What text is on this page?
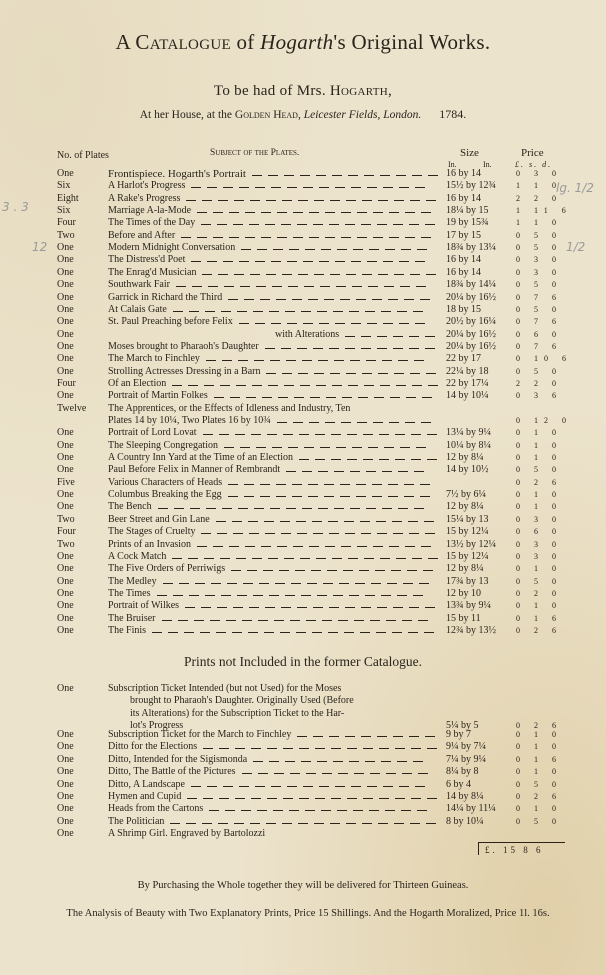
A Catalogue of Hogarth's Original Works.
To be had of Mrs. Hogarth,
At her House, at the Golden Head, Leicester Fields, London. 1784.
No. of Plates	Subject of the Plates.	Size	Price
In.	In.	£. s. d.
One	Frontispiece. Hogarth's Portrait	16 by 14	0 3 0
Six	A Harlot's Progress	15½ by 12¾	1 1 0
Eight	A Rake's Progress	16 by 14	2 2 0
Six	Marriage A-la-Mode	18¼ by 15	1 11 6
Four	The Times of the Day	19 by 15¾	1 1 0
Two	Before and After	17 by 15	0 5 0
One	Modern Midnight Conversation	18¾ by 13¼	0 5 0
One	The Distress'd Poet	16 by 14	0 3 0
One	The Enrag'd Musician	16 by 14	0 3 0
One	Southwark Fair	18¾ by 14¼	0 5 0
One	Garrick in Richard the Third	20¼ by 16½	0 7 6
One	At Calais Gate	18 by 15	0 5 0
One	St. Paul Preaching before Felix	20½ by 16¼	0 7 6
One	with Alterations	20¼ by 16½	0 6 0
One	Moses brought to Pharaoh's Daughter	20¼ by 16½	0 7 6
One	The March to Finchley	22 by 17	0 10 6
One	Strolling Actresses Dressing in a Barn	22¼ by 18	0 5 0
Four	Of an Election	22 by 17¼	2 2 0
One	Portrait of Martin Folkes	14 by 10¼	0 3 6
Twelve The Apprentices, or the Effects of Idleness and Industry, Ten
Plates 14 by 10¼, Two Plates 16 by 10¾	0 12 0
One	Portrait of Lord Lovat	13¼ by 9¼	0 1 0
One	The Sleeping Congregation	10¼ by 8¼	0 1 0
One	A Country Inn Yard at the Time of an Election	12 by 8¼	0 1 0
One	Paul Before Felix in Manner of Rembrandt	14 by 10½	0 5 0
Five	Various Characters of Heads	0 2 6
One	Columbus Breaking the Egg	7½ by 6¼	0 1 0
One	The Bench	12 by 8¼	0 1 0
Two	Beer Street and Gin Lane	15¼ by 13	0 3 0
Four	The Stages of Cruelty	15 by 12¼	0 6 0
Two	Prints of an Invasion	13½ by 12¼	0 3 0
One	A Cock Match	15 by 12¼	0 3 0
One	The Five Orders of Perriwigs	12 by 8¼	0 1 0
One	The Medley	17¾ by 13	0 5 0
One	The Times	12 by 10	0 2 0
One	Portrait of Wilkes	13¾ by 9¼	0 1 0
One	The Bruiser	15 by 11	0 1 6
One	The Finis	12¾ by 13½	0 2 6
Prints not Included in the former Catalogue.
One	Subscription Ticket Intended (but not Used) for the Moses
brought to Pharaoh's Daughter. Originally Used (Before
its Alterations) for the Subscription Ticket to the Har-
lot's Progress	5¼ by 5	0 2 6
One	Subscription Ticket for the March to Finchley	9 by 7	0 1 0
One	Ditto for the Elections	9¼ by 7¼	0 1 0
One	Ditto, Intended for the Sigismonda	7¼ by 9¼	0 1 6
One	Ditto, The Battle of the Pictures	8¼ by 8	0 1 0
One	Ditto, A Landscape	6 by 4	0 5 0
One	Hymen and Cupid	14 by 8¼	0 2 6
One	Heads from the Cartons	14¼ by 11¼	0 1 0
One	The Politician	8 by 10¼	0 5 0
One	A Shrimp Girl. Engraved by Bartolozzi
£. 15 8 6
By Purchasing the Whole together they will be delivered for Thirteen Guineas.
The Analysis of Beauty with Two Explanatory Prints, Price 15 Shillings. And the Hogarth Moralized, Price 1l. 16s.
3 . 3
12
lg. 1/2
1/2
